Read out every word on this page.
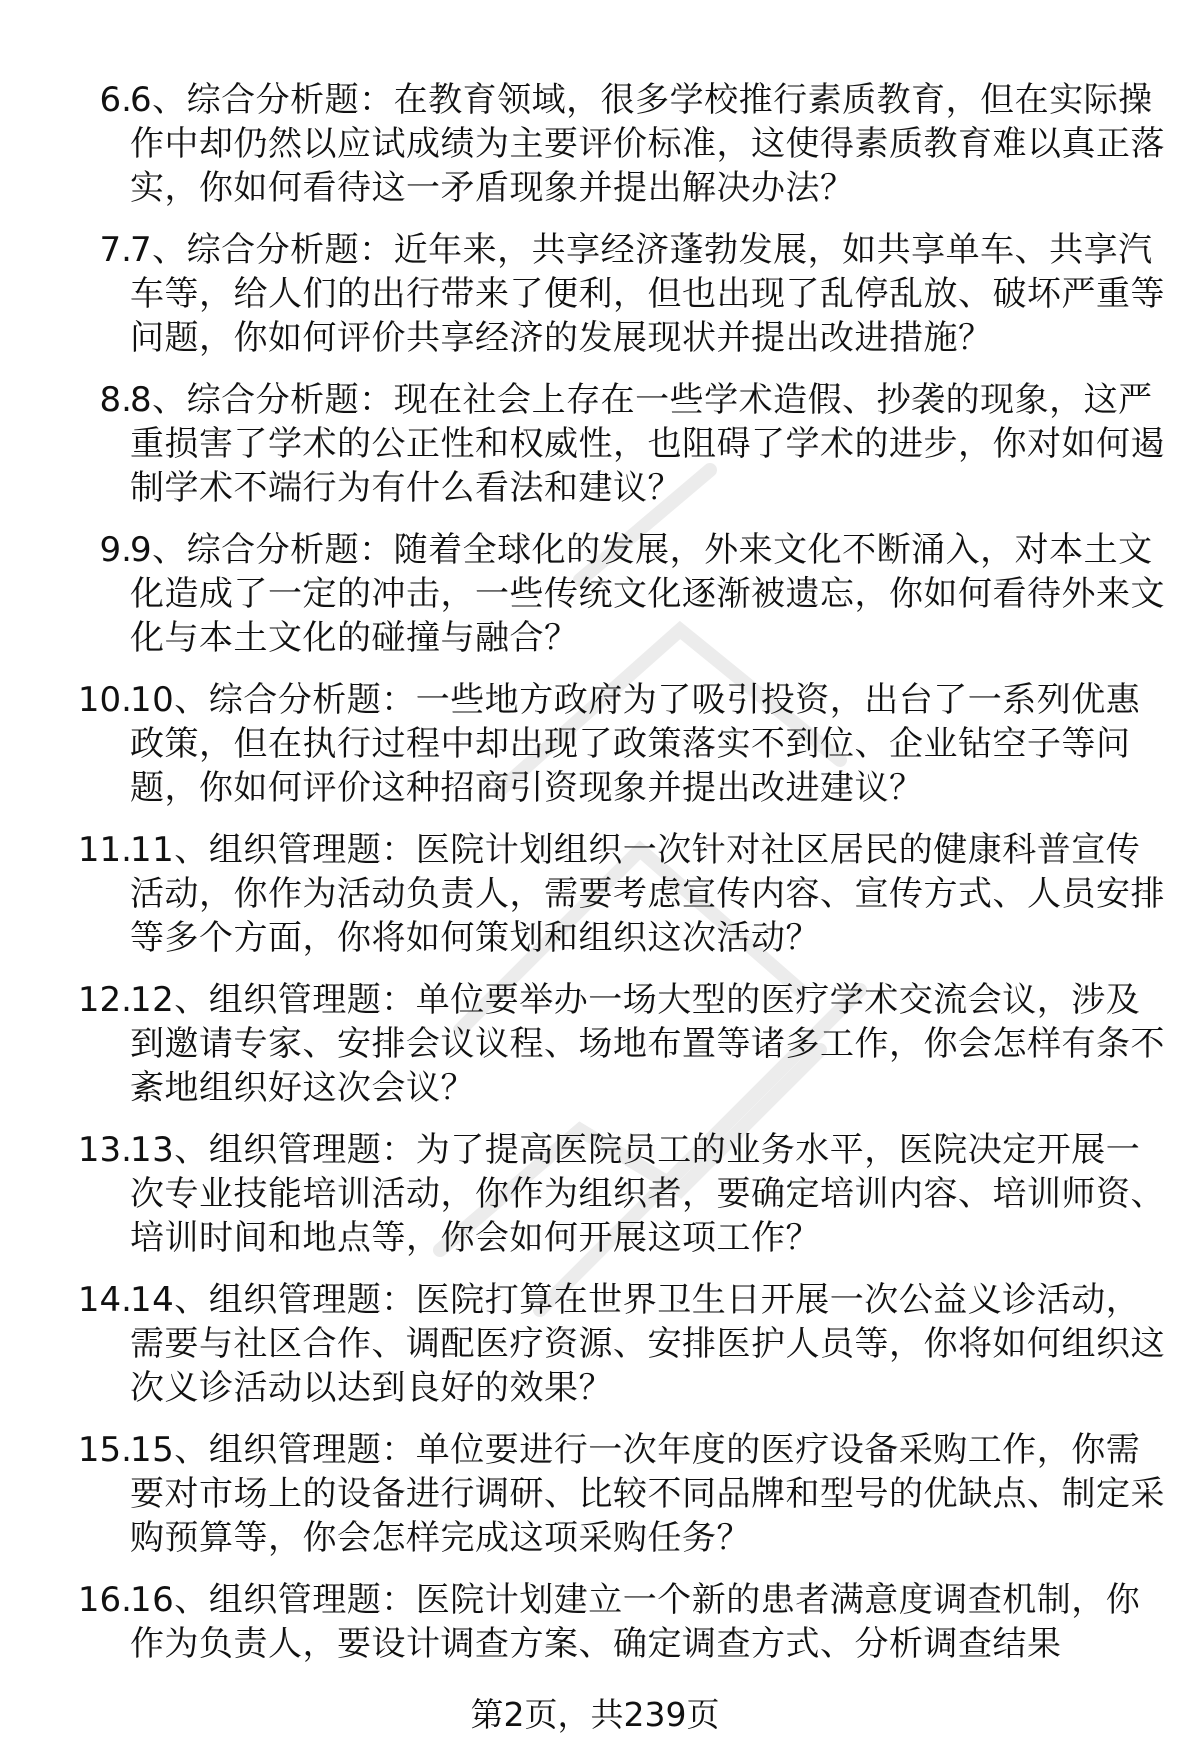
6.
6、综合分析题：在教育领域，很多学校推行素质教育，但在实际操作中却仍然以应试成绩为主要评价标准，这使得素质教育难以真正落实，你如何看待这一矛盾现象并提出解决办法？
7.
7、综合分析题：近年来，共享经济蓬勃发展，如共享单车、共享汽车等，给人们的出行带来了便利，但也出现了乱停乱放、破坏严重等问题，你如何评价共享经济的发展现状并提出改进措施？
8.
8、综合分析题：现在社会上存在一些学术造假、抄袭的现象，这严重损害了学术的公正性和权威性，也阻碍了学术的进步，你对如何遏制学术不端行为有什么看法和建议？
9.
9、综合分析题：随着全球化的发展，外来文化不断涌入，对本土文化造成了一定的冲击，一些传统文化逐渐被遗忘，你如何看待外来文化与本土文化的碰撞与融合？
10.
10、综合分析题：一些地方政府为了吸引投资，出台了一系列优惠政策，但在执行过程中却出现了政策落实不到位、企业钻空子等问题，你如何评价这种招商引资现象并提出改进建议？
11.
11、组织管理题：医院计划组织一次针对社区居民的健康科普宣传活动，你作为活动负责人，需要考虑宣传内容、宣传方式、人员安排等多个方面，你将如何策划和组织这次活动？
12.
12、组织管理题：单位要举办一场大型的医疗学术交流会议，涉及到邀请专家、安排会议议程、场地布置等诸多工作，你会怎样有条不紊地组织好这次会议？
13.
13、组织管理题：为了提高医院员工的业务水平，医院决定开展一次专业技能培训活动，你作为组织者，要确定培训内容、培训师资、培训时间和地点等，你会如何开展这项工作？
14.
14、组织管理题：医院打算在世界卫生日开展一次公益义诊活动，需要与社区合作、调配医疗资源、安排医护人员等，你将如何组织这次义诊活动以达到良好的效果？
15.
15、组织管理题：单位要进行一次年度的医疗设备采购工作，你需要对市场上的设备进行调研、比较不同品牌和型号的优缺点、制定采购预算等，你会怎样完成这项采购任务？
16.
16、组织管理题：医院计划建立一个新的患者满意度调查机制，你作为负责人，要设计调查方案、确定调查方式、分析调查结果
第2页，共239页
